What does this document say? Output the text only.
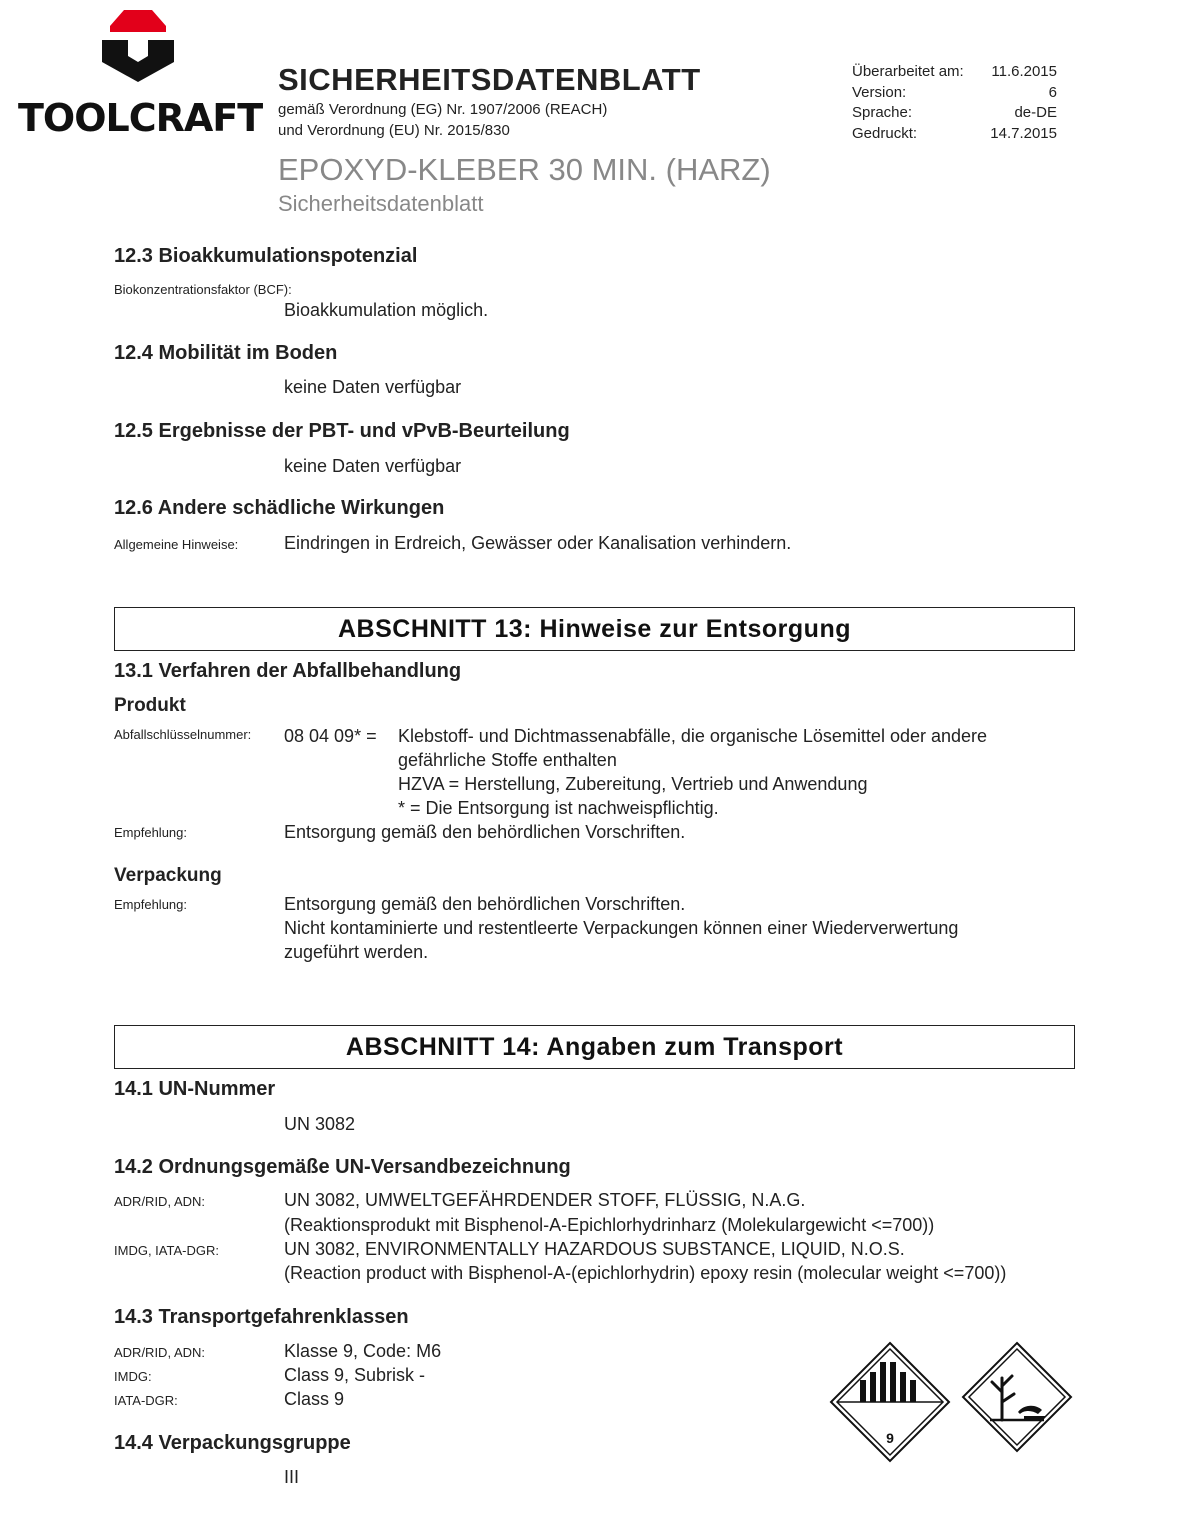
TOOLCRAFT
SICHERHEITSDATENBLATT
gemäß Verordnung (EG) Nr. 1907/2006 (REACH)
und Verordnung (EU) Nr. 2015/830
EPOXYD-KLEBER 30 MIN. (HARZ)
Sicherheitsdatenblatt
Überarbeitet am: 11.6.2015
Version:	6
Sprache:	de-DE
Gedruckt:	14.7.2015
12.3 Bioakkumulationspotenzial
Biokonzentrationsfaktor (BCF):
Bioakkumulation möglich.
12.4 Mobilität im Boden
keine Daten verfügbar
12.5 Ergebnisse der PBT- und vPvB-Beurteilung
keine Daten verfügbar
12.6 Andere schädliche Wirkungen
Allgemeine Hinweise:	Eindringen in Erdreich, Gewässer oder Kanalisation verhindern.
ABSCHNITT 13: Hinweise zur Entsorgung
13.1 Verfahren der Abfallbehandlung
Produkt
Abfallschlüsselnummer: 08 04 09* = Klebstoff- und Dichtmassenabfälle, die organische Lösemittel oder andere
gefährliche Stoffe enthalten
HZVA = Herstellung, Zubereitung, Vertrieb und Anwendung
* = Die Entsorgung ist nachweispflichtig.
Empfehlung:	Entsorgung gemäß den behördlichen Vorschriften.
Verpackung
Empfehlung:	Entsorgung gemäß den behördlichen Vorschriften.
Nicht kontaminierte und restentleerte Verpackungen können einer Wiederverwertung
zugeführt werden.
ABSCHNITT 14: Angaben zum Transport
14.1 UN-Nummer
UN 3082
14.2 Ordnungsgemäße UN-Versandbezeichnung
ADR/RID, ADN:	UN 3082, UMWELTGEFÄHRDENDER STOFF, FLÜSSIG, N.A.G.
(Reaktionsprodukt mit Bisphenol-A-Epichlorhydrinharz (Molekulargewicht <=700))
IMDG, IATA-DGR:	UN 3082, ENVIRONMENTALLY HAZARDOUS SUBSTANCE, LIQUID, N.O.S.
(Reaction product with Bisphenol-A-(epichlorhydrin) epoxy resin (molecular weight <=700))
14.3 Transportgefahrenklassen
ADR/RID, ADN:	Klasse 9, Code: M6
IMDG:	Class 9, Subrisk -
IATA-DGR:	Class 9
14.4 Verpackungsgruppe
III
9
